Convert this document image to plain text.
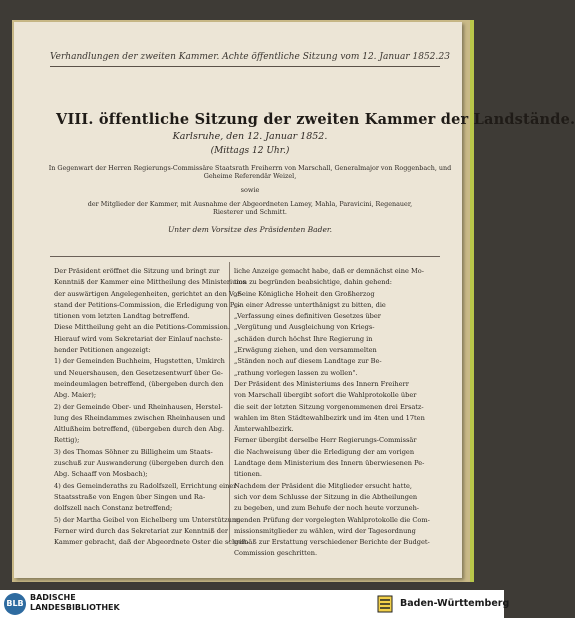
Verhandlungen der zweiten Kammer. Achte öffentliche Sitzung vom 12. Januar 1852. 23
VIII. öffentliche Sitzung der zweiten Kammer der Landstände.
Karlsruhe, den 12. Januar 1852.
(Mittags 12 Uhr.)
In Gegenwart der Herren Regierungs-Commissäre Staatsrath Freiherrn von Marschall, Generalmajor von Roggenbach, und
Geheime Referendär Weizel,
sowie
der Mitglieder der Kammer, mit Ausnahme der Abgeordneten Lamey, Mahla, Paravicini, Regenauer,
Riesterer und Schmitt.
Unter dem Vorsitze des Präsidenten Bader.
Der Präsident eröffnet die Sitzung und bringt zur
Kenntniß der Kammer eine Mittheilung des Ministeriums
der auswärtigen Angelegenheiten, gerichtet an den Vor-
stand der Petitions-Commission, die Erledigung von Pe-
titionen vom letzten Landtag betreffend.
Diese Mittheilung geht an die Petitions-Commission.
Hierauf wird vom Sekretariat der Einlauf nachste-
hender Petitionen angezeigt:
1) der Gemeinden Buchheim, Hugstetten, Umkirch
und Neuershausen, den Gesetzesentwurf über Ge-
meindeumlagen betreffend, (übergeben durch den
Abg. Maier);
2) der Gemeinde Ober- und Rheinhausen, Herstel-
lung des Rheindammes zwischen Rheinhausen und
Altlußheim betreffend, (übergeben durch den Abg.
Rettig);
3) des Thomas Söhner zu Billigheim um Staats-
zuschuß zur Auswanderung (übergeben durch den
Abg. Schaaff von Mosbach);
4) des Gemeinderaths zu Radolfszell, Errichtung einer
Staatsstraße von Engen über Singen und Ra-
dolfszell nach Constanz betreffend;
5) der Martha Geibel von Eichelberg um Unterstützung.
Ferner wird durch das Sekretariat zur Kenntniß der
Kammer gebracht, daß der Abgeordnete Oster die schrift-
liche Anzeige gemacht habe, daß er demnächst eine Mo-
tion zu begründen beabsichtige, dahin gehend:
„Seine Königliche Hoheit den Großherzog
„in einer Adresse unterthänigst zu bitten, die
„Verfassung eines definitiven Gesetzes über
„Vergütung und Ausgleichung von Kriegs-
„schäden durch höchst Ihre Regierung in
„Erwägung ziehen, und den versammelten
„Ständen noch auf diesem Landtage zur Be-
„rathung vorlegen lassen zu wollen".
Der Präsident des Ministeriums des Innern Freiherr
von Marschall übergibt sofort die Wahlprotokolle über
die seit der letzten Sitzung vorgenommenen drei Ersatz-
wahlen im 8ten Städtewahlbezirk und im 4ten und 17ten
Ämterwahlbezirk.
Ferner übergibt derselbe Herr Regierungs-Commissär
die Nachweisung über die Erledigung der am vorigen
Landtage dem Ministerium des Innern überwiesenen Pe-
titionen.
Nachdem der Präsident die Mitglieder ersucht hatte,
sich vor dem Schlusse der Sitzung in die Abtheilungen
zu begeben, und zum Behufe der noch heute vorzuneh-
menden Prüfung der vorgelegten Wahlprotokolle die Com-
missionsmitglieder zu wählen, wird der Tagesordnung
gemäß zur Erstattung verschiedener Berichte der Budget-
Commission geschritten.
BLB
BADISCHE
LANDESBIBLIOTHEK	Baden-Württemberg
